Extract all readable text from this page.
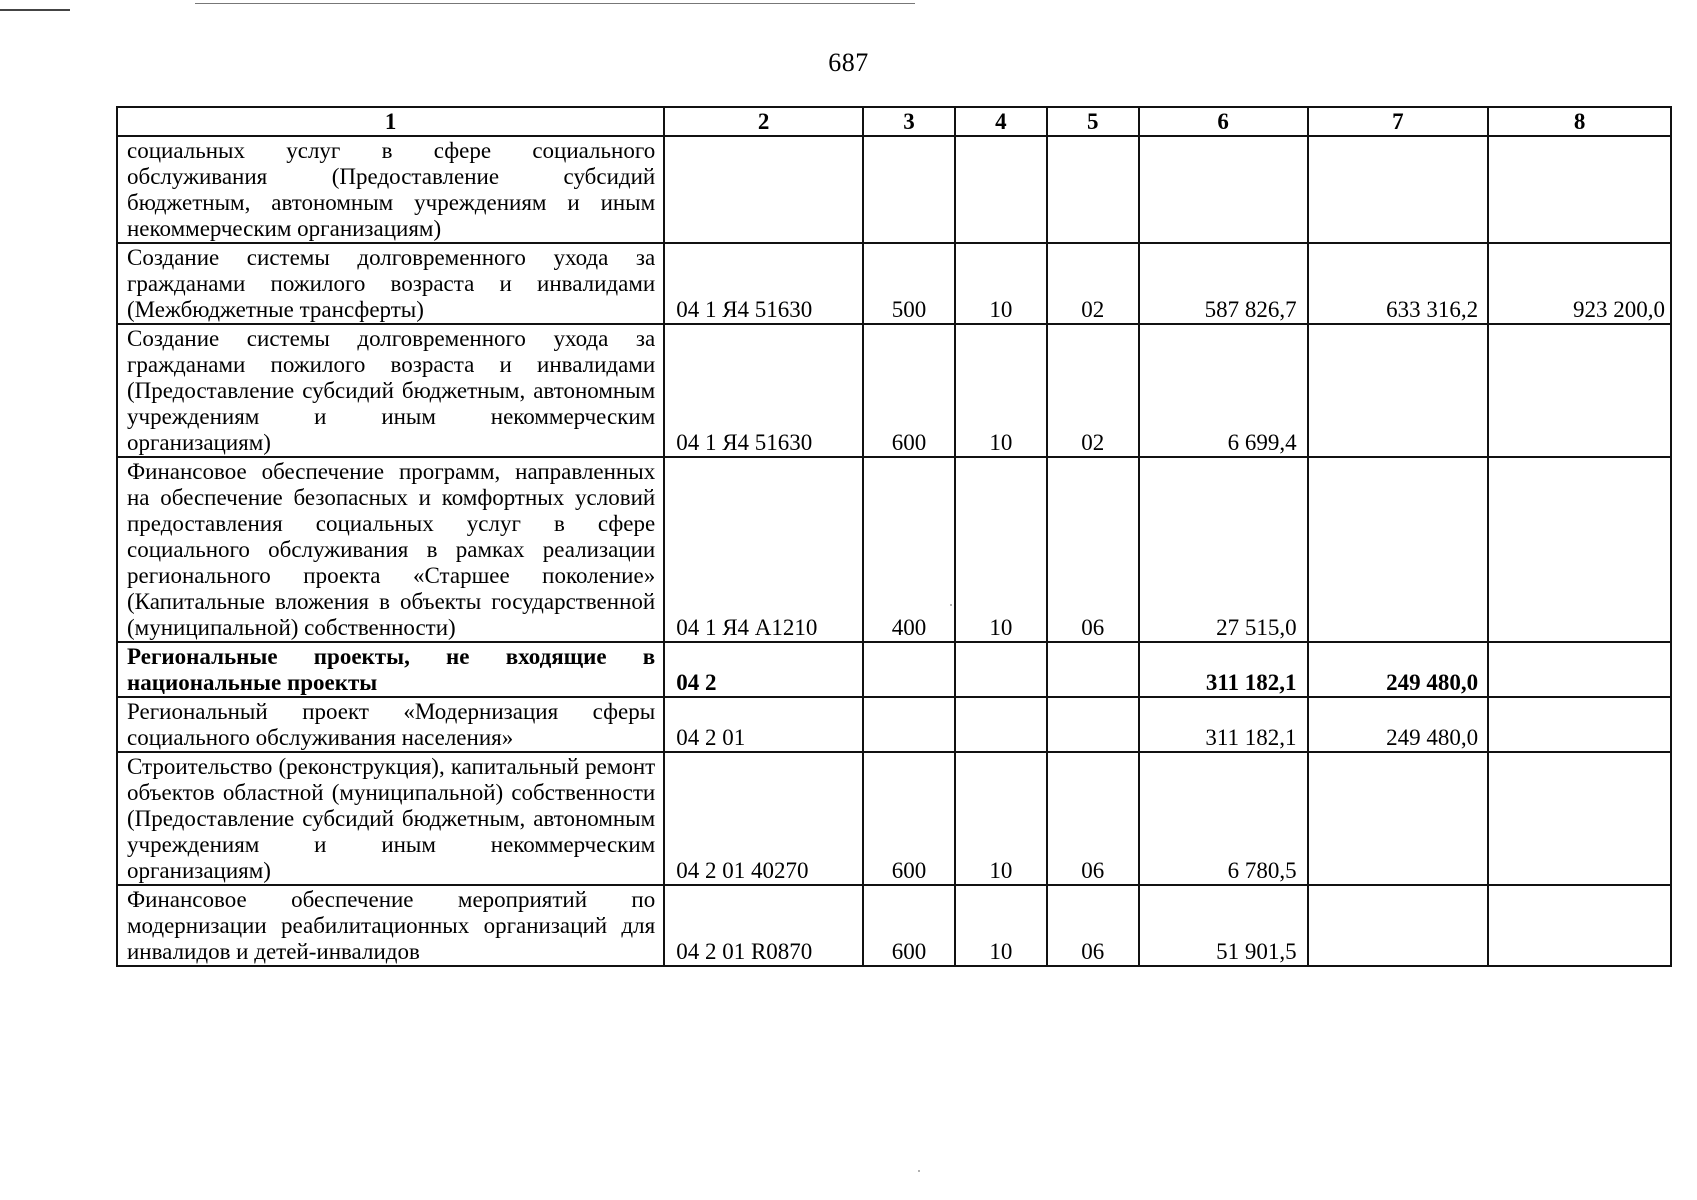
687
1	2	3	4	5	6	7	8

социальных услуг в сфере социального обслуживания (Предоставление субсидий бюджетным, автономным учреждениям и иным некоммерческим организациям)							

Создание системы долговременного ухода за гражданами пожилого возраста и инвалидами (Межбюджетные трансферты)	04 1 Я4 51630	500	10	02	587 826,7	633 316,2	923 200,0

Создание системы долговременного ухода за гражданами пожилого возраста и инвалидами (Предоставление субсидий бюджетным, автономным учреждениям и иным некоммерческим организациям)	04 1 Я4 51630	600	10	02	6 699,4		

Финансовое обеспечение программ, направленных на обеспечение безопасных и комфортных условий предоставления социальных услуг в сфере социального обслуживания в рамках реализации регионального проекта «Старшее поколение» (Капитальные вложения в объекты государственной (муниципальной) собственности)	04 1 Я4 А1210	400	10	06	27 515,0		

Региональные проекты, не входящие в национальные проекты	04 2				311 182,1	249 480,0	

Региональный проект «Модернизация сферы социального обслуживания населения»	04 2 01				311 182,1	249 480,0	

Строительство (реконструкция), капитальный ремонт объектов областной (муниципальной) собственности (Предоставление субсидий бюджетным, автономным учреждениям и иным некоммерческим организациям)	04 2 01 40270	600	10	06	6 780,5		

Финансовое обеспечение мероприятий по модернизации реабилитационных организаций для инвалидов и детей-инвалидов	04 2 01 R0870	600	10	06	51 901,5		
